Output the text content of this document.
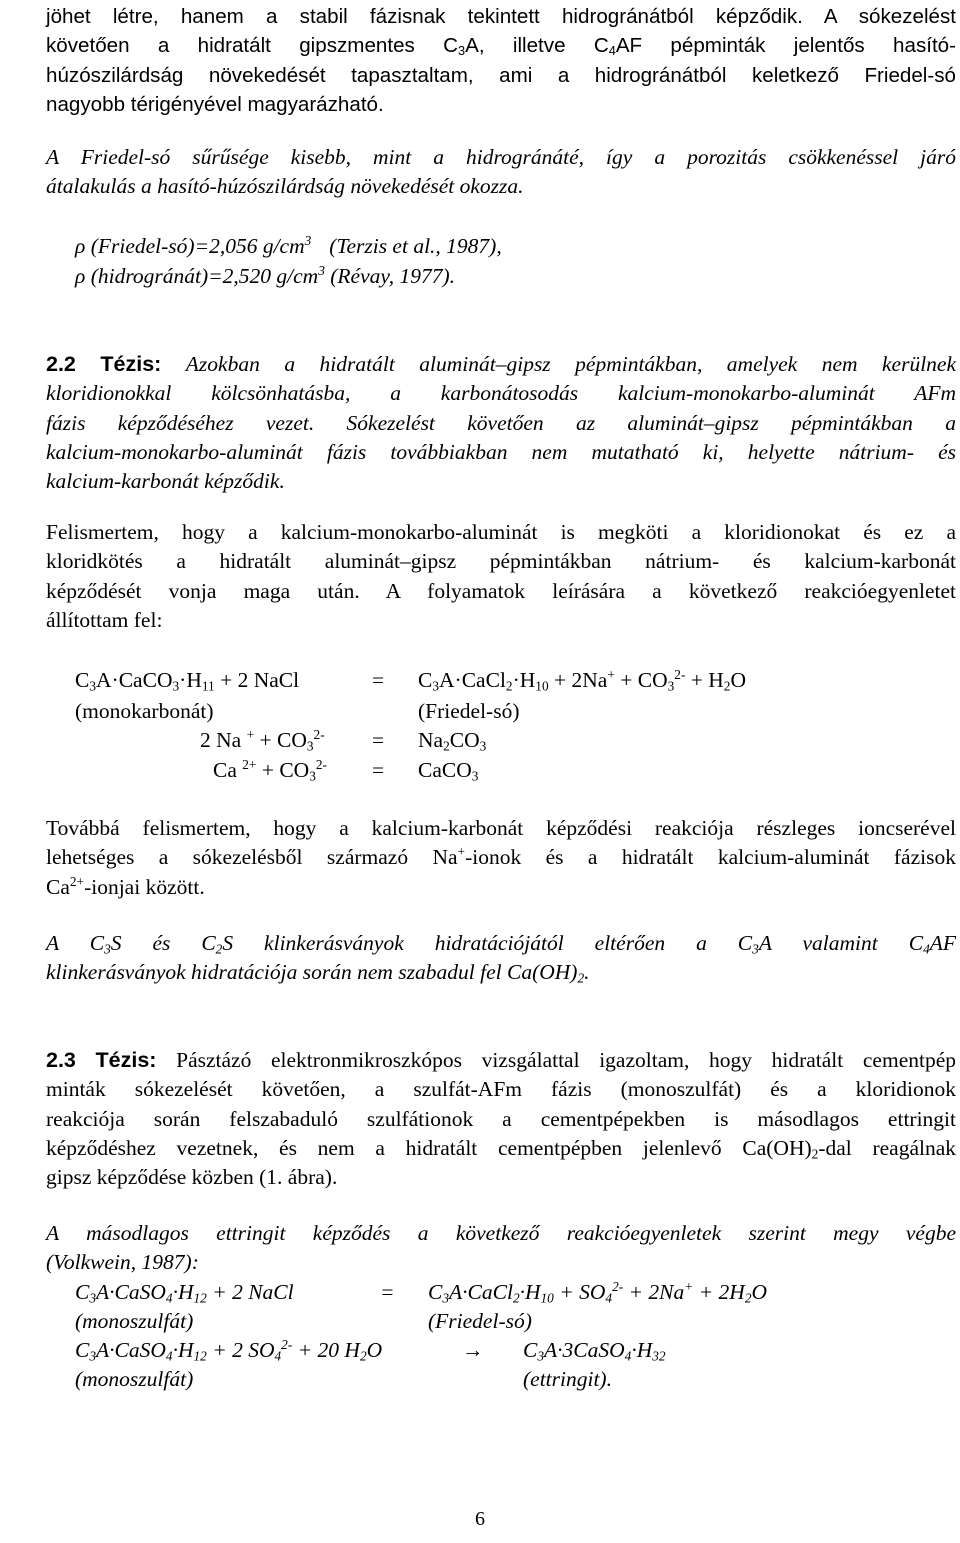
jöhet létre, hanem a stabil fázisnak tekintett hidrogránátból képződik. A sókezelést
követően a hidratált gipszmentes $C_3A$, illetve $C_4AF$ pépminták jelentős hasító-
húzószilárdság növekedését tapasztaltam, ami a hidrogránátból keletkező Friedel-só
nagyobb térigényével magyarázható.
A Friedel-só sűrűsége kisebb, mint a hidrogránáté, így a porozitás csökkenéssel járó
átalakulás a hasító-húzószilárdság növekedését okozza.
ρ (Friedel-só)=2,056 $g/cm^3$ (Terzis et al., 1987),
ρ (hidrogránát)=2,520 $g/cm^3$ (Révay, 1977).
2.2 Tézis: Azokban a hidratált aluminát–gipsz pépmintákban, amelyek nem kerülnek
kloridionokkal kölcsönhatásba, a karbonátosodás kalcium-monokarbo-aluminát AFm
fázis képződéséhez vezet. Sókezelést követően az aluminát–gipsz pépmintákban a
kalcium-monokarbo-aluminát fázis továbbiakban nem mutatható ki, helyette nátrium- és
kalcium-karbonát képződik.
Felismertem, hogy a kalcium-monokarbo-aluminát is megköti a kloridionokat és ez a
kloridkötés a hidratált aluminát–gipsz pépmintákban nátrium- és kalcium-karbonát
képződését vonja maga után. A folyamatok leírására a következő reakcióegyenletet
állítottam fel:
$C_3A\cdot CaCO_3\cdot H_{11} + 2$ NaCl	= $C_3A\cdot CaCl_2\cdot H_{10} + 2Na^+ + CO_3^{2-} + H_2O$
(monokarbonát)	(Friedel-só)
2 Na $^+ + CO_3^{2-} = Na_2CO_3$
Ca $^{2+} + CO_3^{2-}$ = CaCO$_3$
Továbbá felismertem, hogy a kalcium-karbonát képződési reakciója részleges ioncserével
lehetséges a sókezelésből származó Na+-ionok és a hidratált kalcium-aluminát fázisok
$Ca^{2+}$-ionjai között.
A $C_3S$ és $C_2S$ klinkerásványok hidratációjától eltérően a $C_3A$ valamint $C_4AF$
klinkerásványok hidratációja során nem szabadul fel $Ca(OH)_2$.
2.3 Tézis: Pásztázó elektronmikroszkópos vizsgálattal igazoltam, hogy hidratált cementpép
minták sókezelését követően, a szulfát-AFm fázis (monoszulfát) és a kloridionok
reakciója során felszabaduló szulfátionok a cementpépekben is másodlagos ettringit
képződéshez vezetnek, és nem a hidratált cementpépben jelenlevő $Ca(OH)_2$-dal reagálnak
gipsz képződése közben (1. ábra).
A másodlagos ettringit képződés a következő reakcióegyenletek szerint megy végbe
(Volkwein, 1987):
$C_3A\cdot CaSO_4\cdot H_{12} + 2$ NaCl	= $C_3A\cdot CaCl_2\cdot H_{10} + SO_4^{2-} + 2Na^+ + 2H_2O$
(monoszulfát)	(Friedel-só)
$C_3A\cdot CaSO_4\cdot H_{12} + 2$ $SO_4^{2-} + 20$ $H_2O$	→ $C_3A\cdot 3CaSO_4\cdot H_{32}$
(monoszulfát)	(ettringit).
6
